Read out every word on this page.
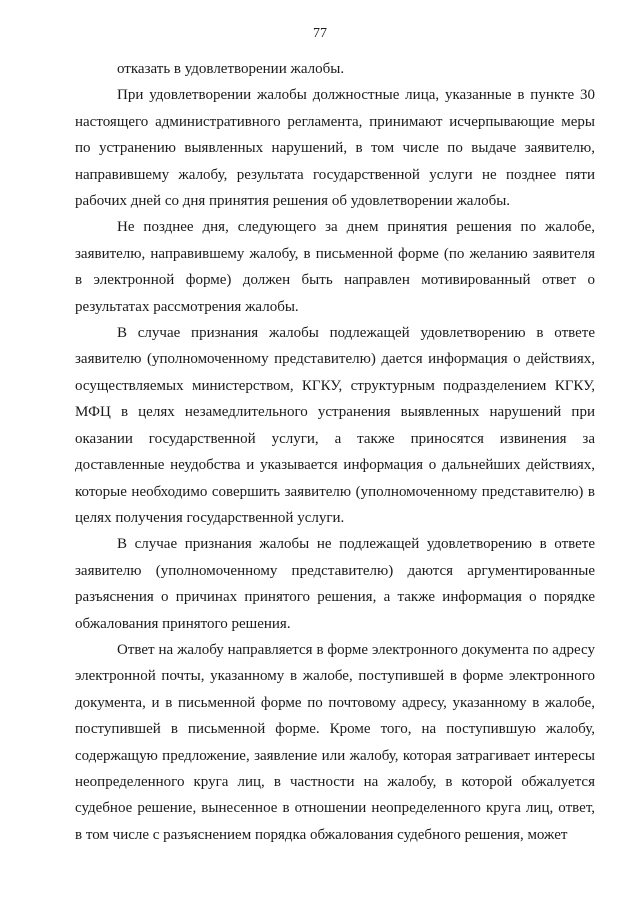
77

отказать в удовлетворении жалобы.

При удовлетворении жалобы должностные лица, указанные в пункте 30 настоящего административного регламента, принимают исчерпывающие меры по устранению выявленных нарушений, в том числе по выдаче заявителю, направившему жалобу, результата государственной услуги не позднее пяти рабочих дней со дня принятия решения об удовлетворении жалобы.

Не позднее дня, следующего за днем принятия решения по жалобе, заявителю, направившему жалобу, в письменной форме (по желанию заявителя в электронной форме) должен быть направлен мотивированный ответ о результатах рассмотрения жалобы.

В случае признания жалобы подлежащей удовлетворению в ответе заявителю (уполномоченному представителю) дается информация о действиях, осуществляемых министерством, КГКУ, структурным подразделением КГКУ, МФЦ в целях незамедлительного устранения выявленных нарушений при оказании государственной услуги, а также приносятся извинения за доставленные неудобства и указывается информация о дальнейших действиях, которые необходимо совершить заявителю (уполномоченному представителю) в целях получения государственной услуги.

В случае признания жалобы не подлежащей удовлетворению в ответе заявителю (уполномоченному представителю) даются аргументированные разъяснения о причинах принятого решения, а также информация о порядке обжалования принятого решения.

Ответ на жалобу направляется в форме электронного документа по адресу электронной почты, указанному в жалобе, поступившей в форме электронного документа, и в письменной форме по почтовому адресу, указанному в жалобе, поступившей в письменной форме. Кроме того, на поступившую жалобу, содержащую предложение, заявление или жалобу, которая затрагивает интересы неопределенного круга лиц, в частности на жалобу, в которой обжалуется судебное решение, вынесенное в отношении неопределенного круга лиц, ответ, в том числе с разъяснением порядка обжалования судебного решения, может
